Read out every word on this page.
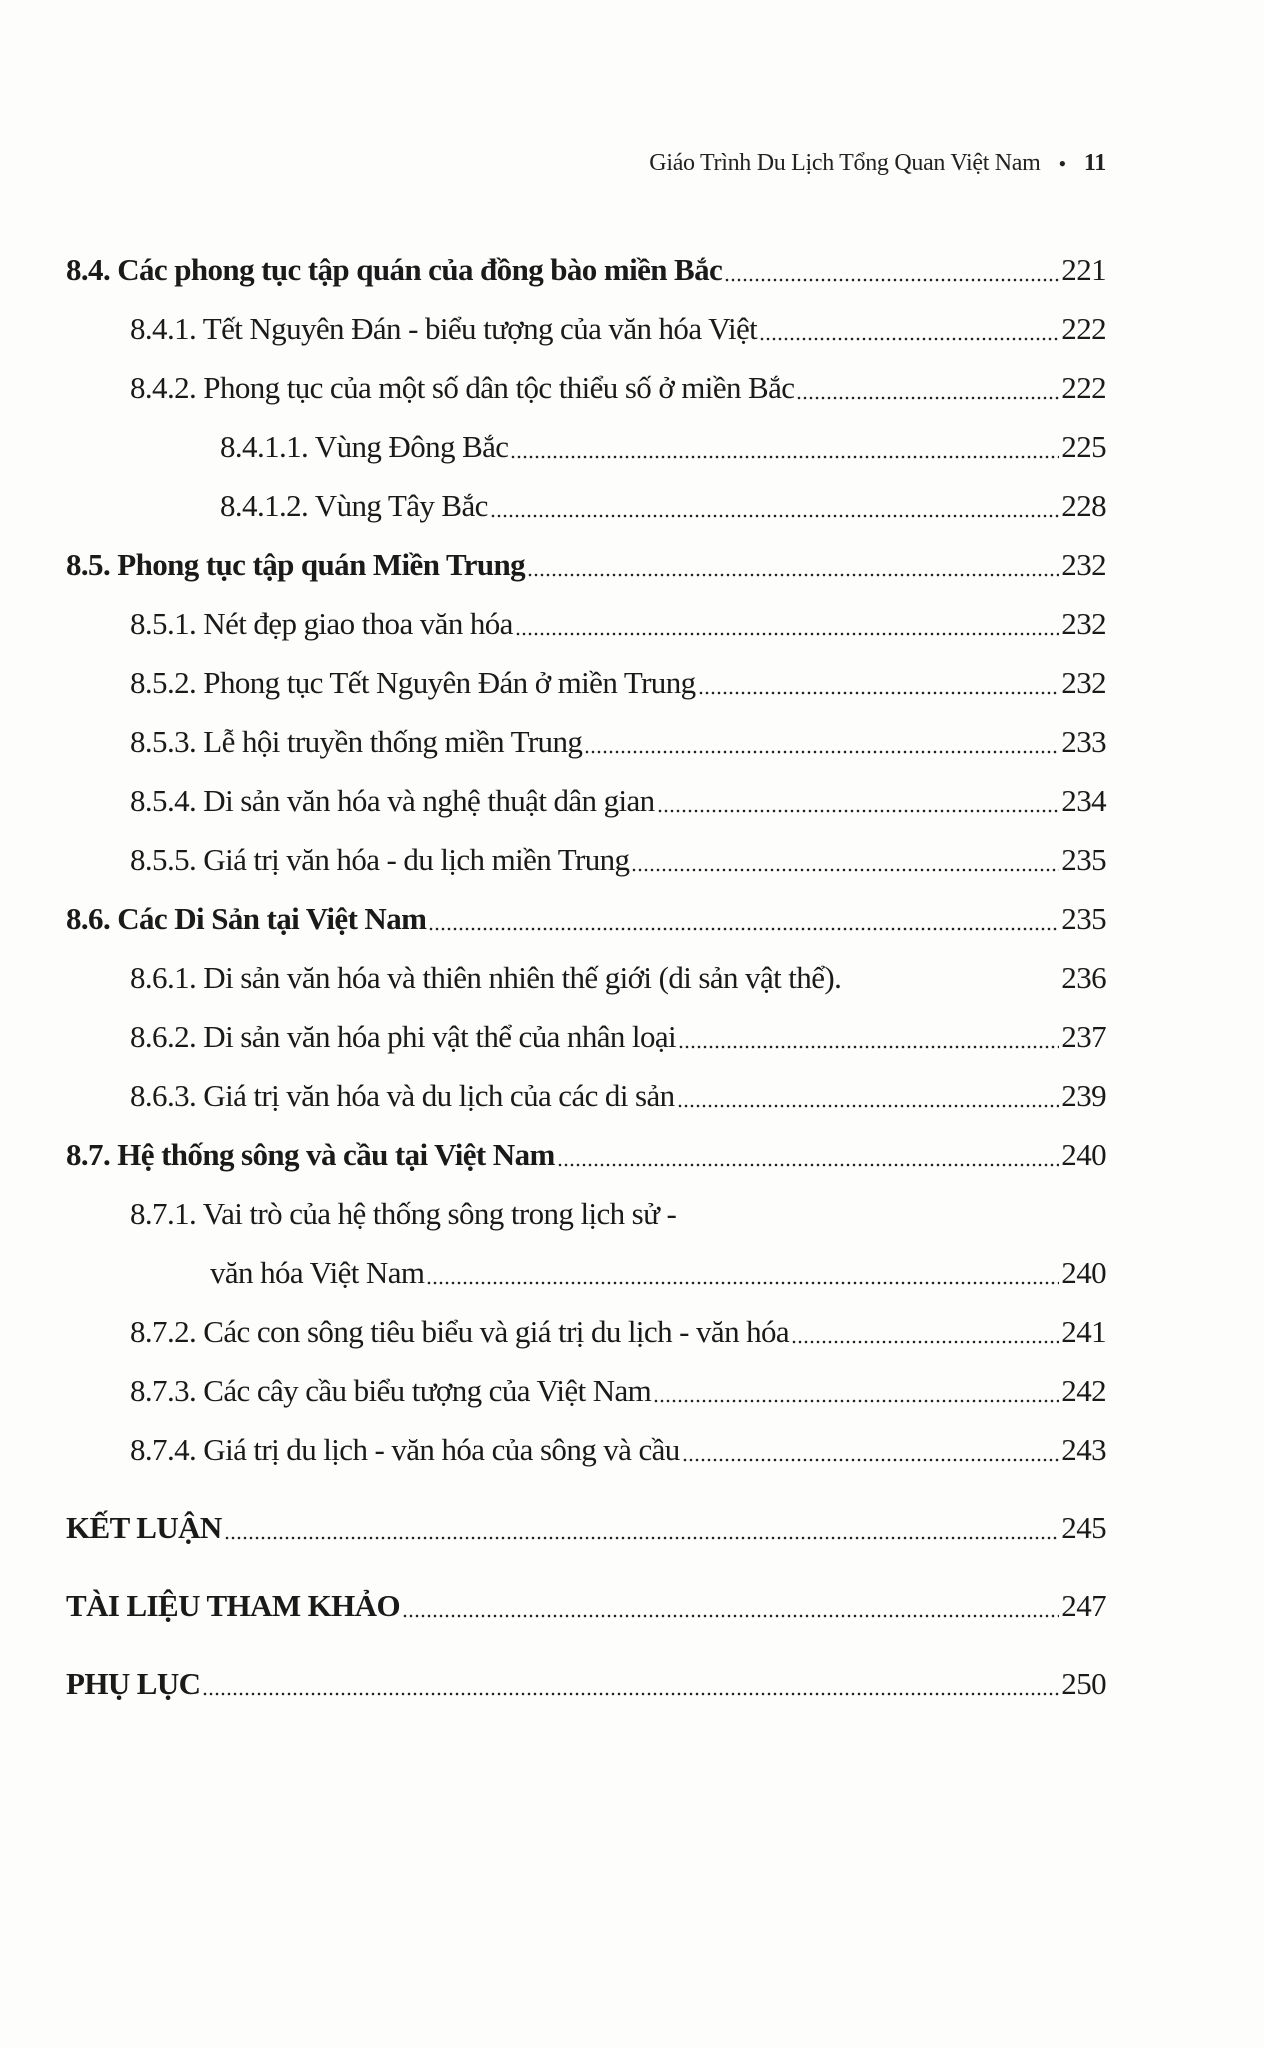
Giáo Trình Du Lịch Tổng Quan Việt Nam • 11
8.4. Các phong tục tập quán của đồng bào miền Bắc	221
8.4.1. Tết Nguyên Đán - biểu tượng của văn hóa Việt	222
8.4.2. Phong tục của một số dân tộc thiểu số ở miền Bắc	222
8.4.1.1. Vùng Đông Bắc	225
8.4.1.2. Vùng Tây Bắc	228
8.5. Phong tục tập quán Miền Trung	232
8.5.1. Nét đẹp giao thoa văn hóa	232
8.5.2. Phong tục Tết Nguyên Đán ở miền Trung	232
8.5.3. Lễ hội truyền thống miền Trung	233
8.5.4. Di sản văn hóa và nghệ thuật dân gian	234
8.5.5. Giá trị văn hóa - du lịch miền Trung	235
8.6. Các Di Sản tại Việt Nam	235
8.6.1. Di sản văn hóa và thiên nhiên thế giới (di sản vật thể).	236
8.6.2. Di sản văn hóa phi vật thể của nhân loại	237
8.6.3. Giá trị văn hóa và du lịch của các di sản	239
8.7. Hệ thống sông và cầu tại Việt Nam	240
8.7.1. Vai trò của hệ thống sông trong lịch sử -
văn hóa Việt Nam	240
8.7.2. Các con sông tiêu biểu và giá trị du lịch - văn hóa	241
8.7.3. Các cây cầu biểu tượng của Việt Nam	242
8.7.4. Giá trị du lịch - văn hóa của sông và cầu	243
KẾT LUẬN	245
TÀI LIỆU THAM KHẢO	247
PHỤ LỤC	250
